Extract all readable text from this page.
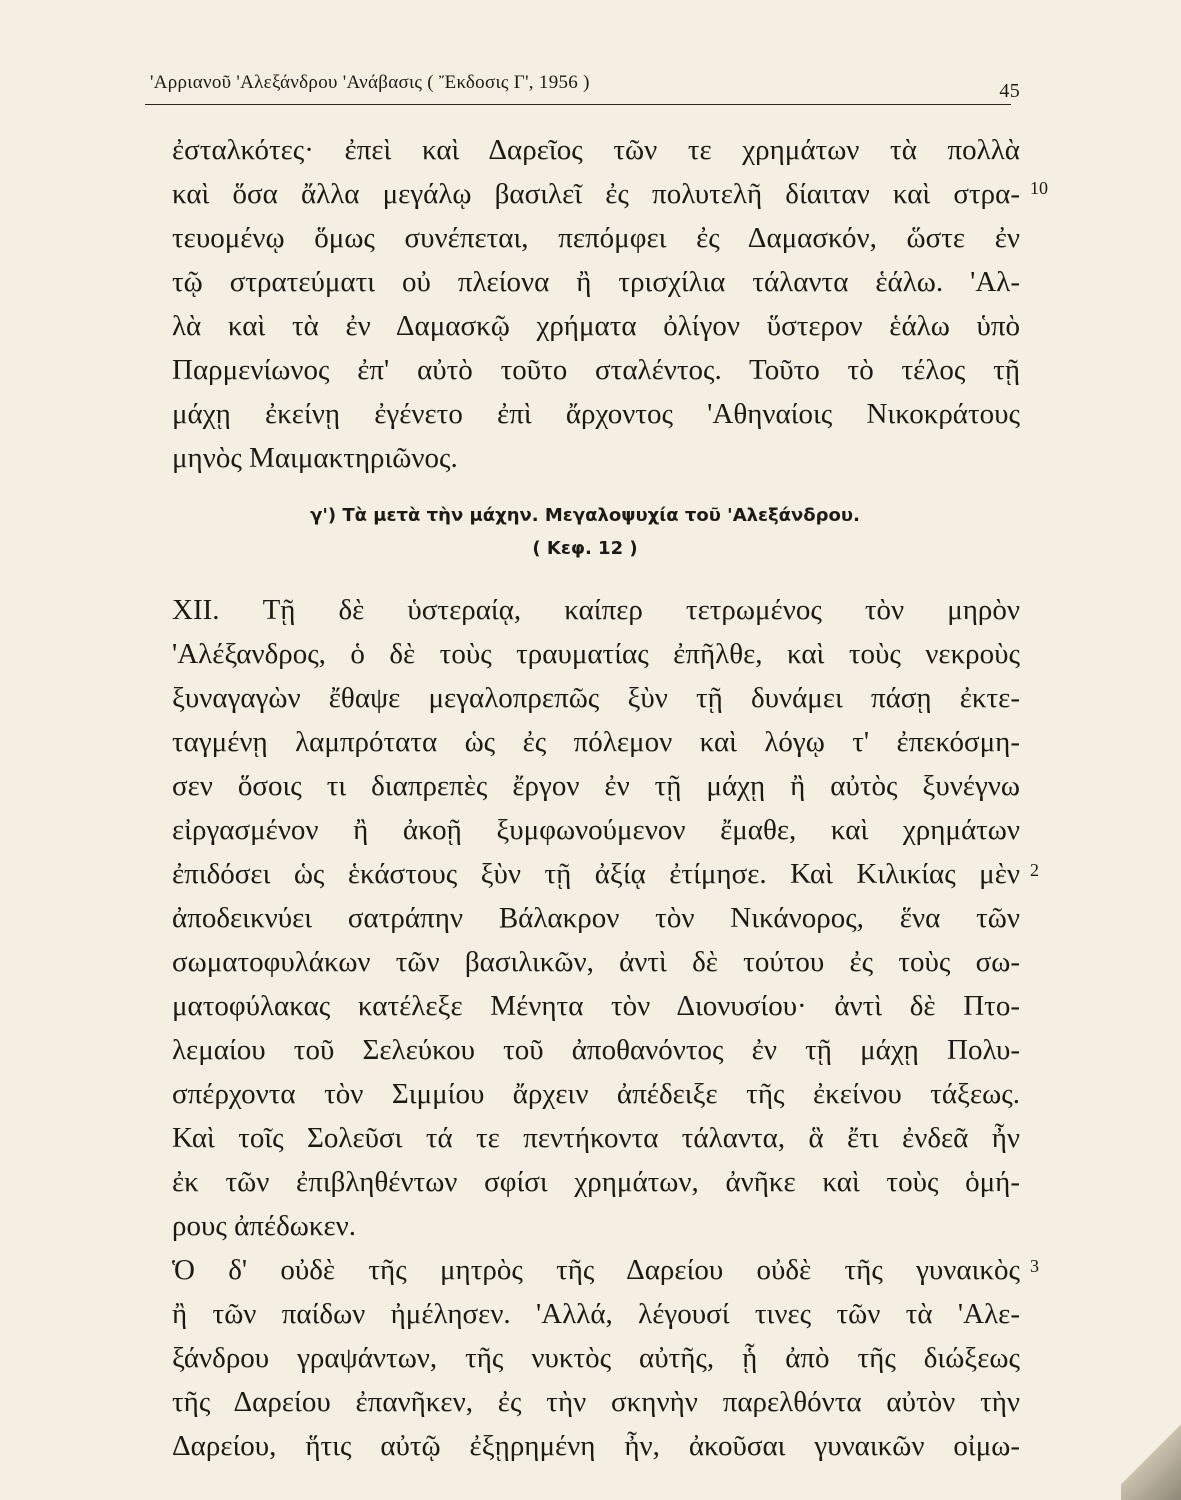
'Αρριανοῦ 'Αλεξάνδρου 'Ανάβασις ( Ἔκδοσις Γ', 1956 )	45
ἐσταλκότες· ἐπεὶ καὶ Δαρεῖος τῶν τε χρημάτων τὰ πολλὰ
καὶ ὅσα ἄλλα μεγάλῳ βασιλεῖ ἐς πολυτελῆ δίαιταν καὶ στρα-
τευομένῳ ὅμως συνέπεται, πεπόμφει ἐς Δαμασκόν, ὥστε ἐν
τῷ στρατεύματι οὐ πλείονα ἢ τρισχίλια τάλαντα ἑάλω. 'Αλ-
λὰ καὶ τὰ ἐν Δαμασκῷ χρήματα ὀλίγον ὕστερον ἑάλω ὑπὸ
Παρμενίωνος ἐπ' αὐτὸ τοῦτο σταλέντος. Τοῦτο τὸ τέλος τῇ
μάχῃ ἐκείνῃ ἐγένετο ἐπὶ ἄρχοντος 'Αθηναίοις Νικοκράτους
μηνὸς Μαιμακτηριῶνος.
10
γ') Τὰ μετὰ τὴν μάχην. Μεγαλοψυχία τοῦ 'Αλεξάνδρου.
( Κεφ. 12 )
XII. Τῇ δὲ ὑστεραίᾳ, καίπερ τετρωμένος τὸν μηρὸν
'Αλέξανδρος, ὁ δὲ τοὺς τραυματίας ἐπῆλθε, καὶ τοὺς νεκροὺς
ξυναγαγὼν ἔθαψε μεγαλοπρεπῶς ξὺν τῇ δυνάμει πάσῃ ἐκτε-
ταγμένῃ λαμπρότατα ὡς ἐς πόλεμον καὶ λόγῳ τ' ἐπεκόσμη-
σεν ὅσοις τι διαπρεπὲς ἔργον ἐν τῇ μάχῃ ἢ αὐτὸς ξυνέγνω
εἰργασμένον ἢ ἀκοῇ ξυμφωνούμενον ἔμαθε, καὶ χρημάτων
ἐπιδόσει ὡς ἑκάστους ξὺν τῇ ἀξίᾳ ἐτίμησε. Καὶ Κιλικίας μὲν
ἀποδεικνύει σατράπην Βάλακρον τὸν Νικάνορος, ἕνα τῶν
σωματοφυλάκων τῶν βασιλικῶν, ἀντὶ δὲ τούτου ἐς τοὺς σω-
ματοφύλακας κατέλεξε Μένητα τὸν Διονυσίου· ἀντὶ δὲ Πτο-
λεμαίου τοῦ Σελεύκου τοῦ ἀποθανόντος ἐν τῇ μάχῃ Πολυ-
σπέρχοντα τὸν Σιμμίου ἄρχειν ἀπέδειξε τῆς ἐκείνου τάξεως.
Καὶ τοῖς Σολεῦσι τά τε πεντήκοντα τάλαντα, ἃ ἔτι ἐνδεᾶ ἦν
ἐκ τῶν ἐπιβληθέντων σφίσι χρημάτων, ἀνῆκε καὶ τοὺς ὁμή-
ρους ἀπέδωκεν.
2
Ὁ δ' οὐδὲ τῆς μητρὸς τῆς Δαρείου οὐδὲ τῆς γυναικὸς
ἢ τῶν παίδων ἠμέλησεν. 'Αλλά, λέγουσί τινες τῶν τὰ 'Αλε-
ξάνδρου γραψάντων, τῆς νυκτὸς αὐτῆς, ᾗ ἀπὸ τῆς διώξεως
τῆς Δαρείου ἐπανῆκεν, ἐς τὴν σκηνὴν παρελθόντα αὐτὸν τὴν
Δαρείου, ἥτις αὐτῷ ἐξῃρημένη ἦν, ἀκοῦσαι γυναικῶν οἰμω-
3
